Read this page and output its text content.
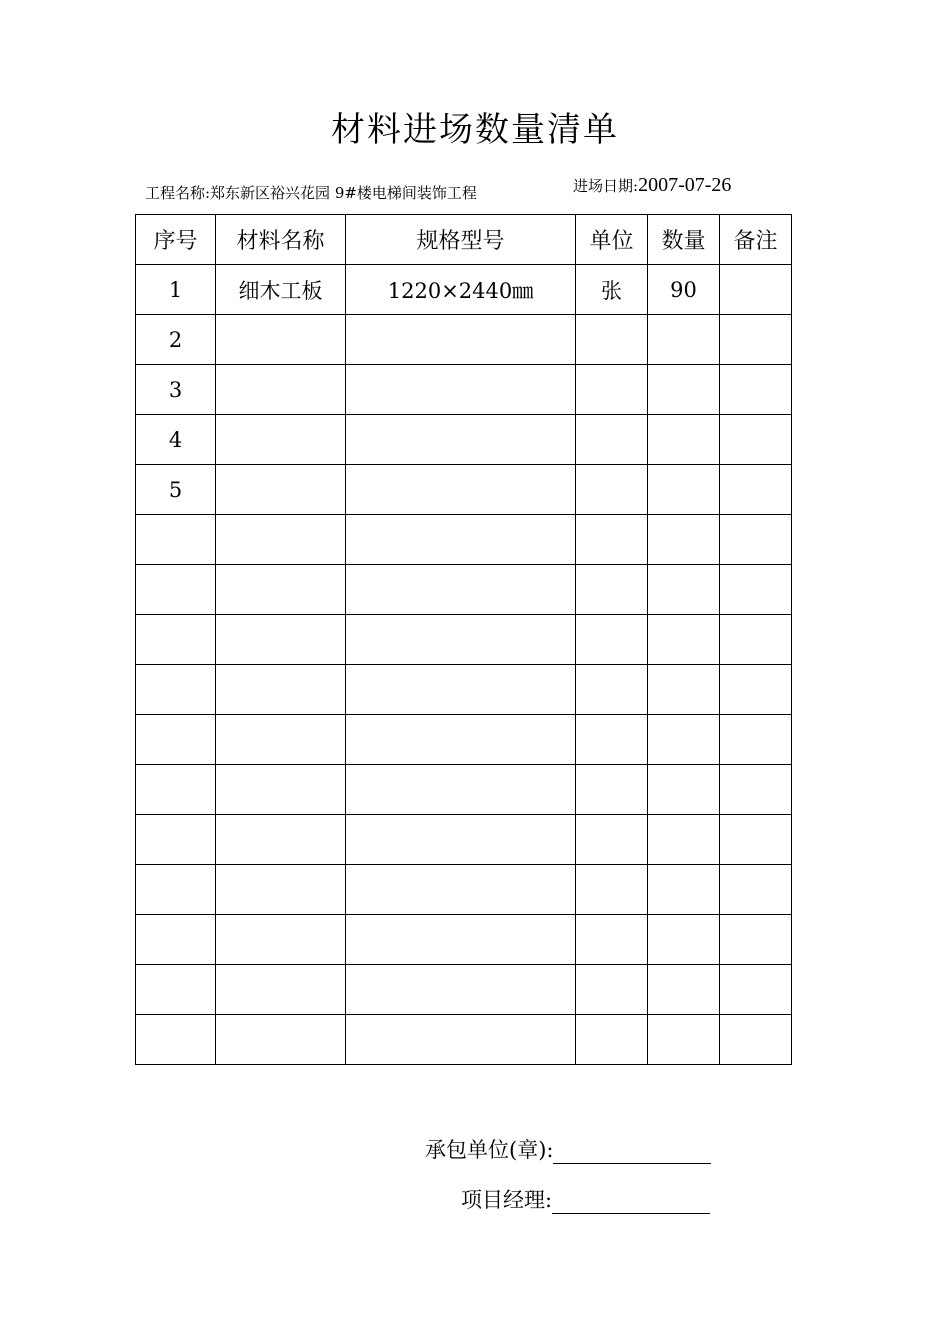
材料进场数量清单
工程名称:郑东新区裕兴花园 9#楼电梯间装饰工程	进场日期:2007-07-26
序号	材料名称	规格型号	单位	数量	备注
1	细木工板	1220×2440㎜	张	90	
2					
3					
4					
5					

承包单位(章):
项目经理:
